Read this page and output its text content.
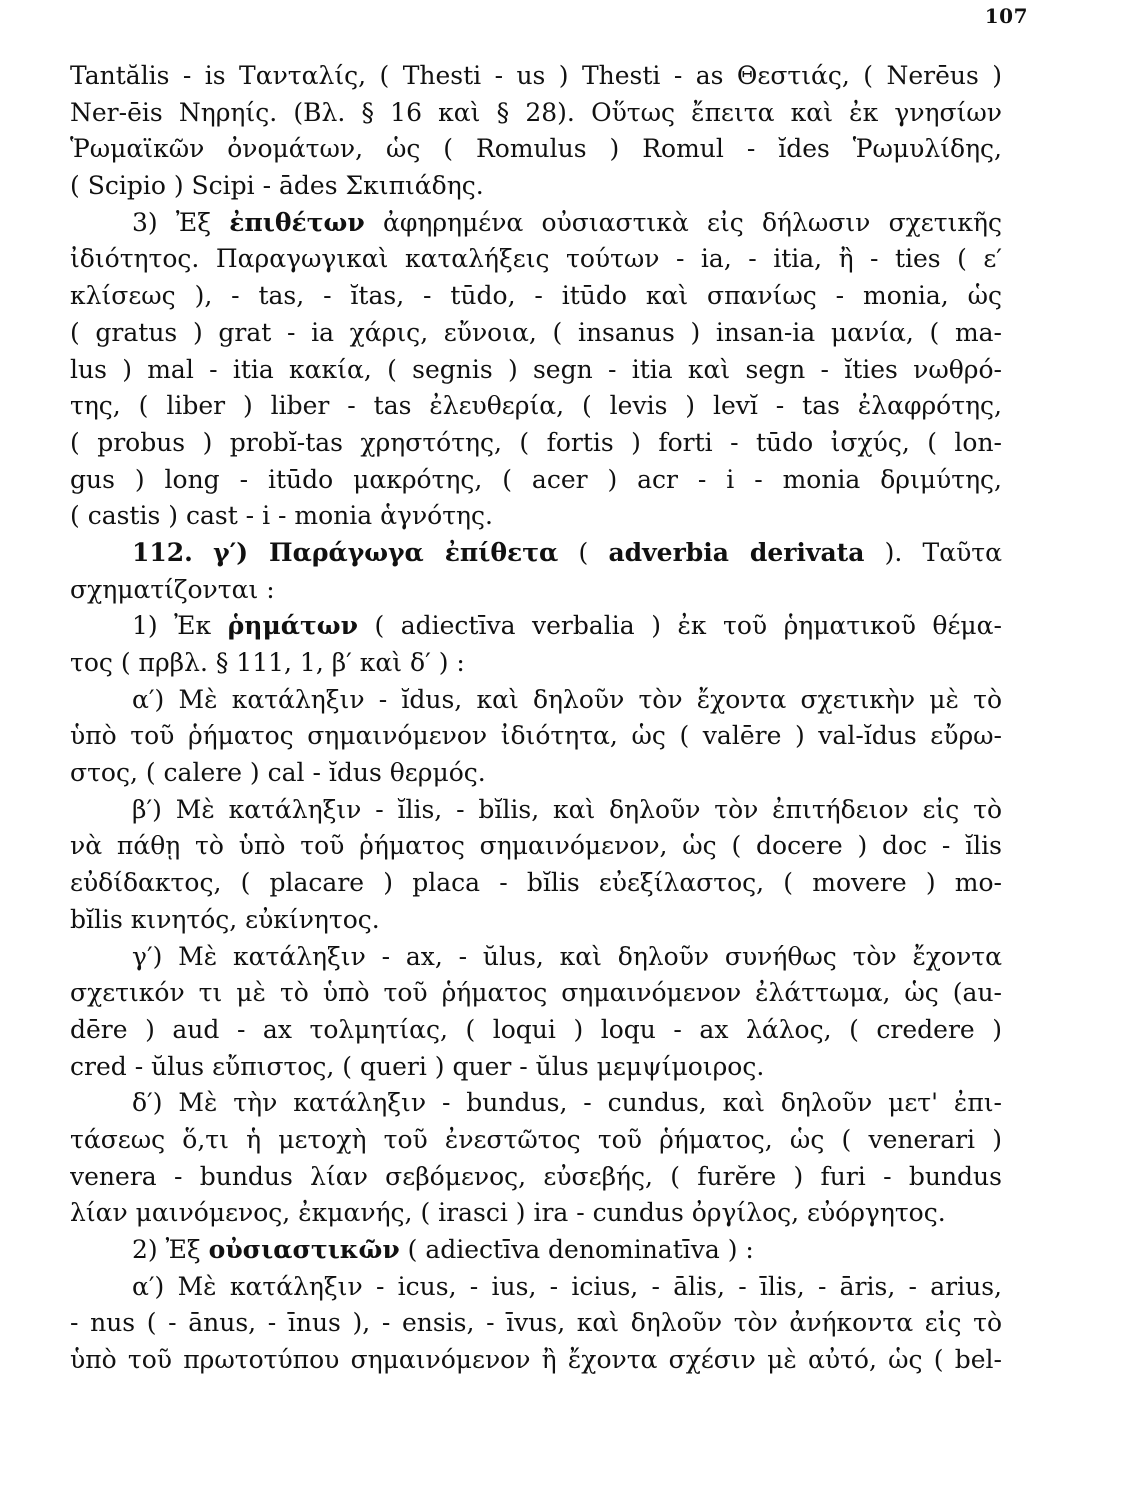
107
Tantălis - is Τανταλίς, ( Thesti - us ) Thesti - as Θεστιάς, ( Nerēus )
Ner-ēis Νηρηίς. (Βλ. § 16 καὶ § 28). Οὕτως ἔπειτα καὶ ἐκ γνησίων
Ῥωμαϊκῶν ὀνομάτων, ὡς ( Romulus ) Romul - ĭdes Ῥωμυλίδης,
( Scipio ) Scipi - ādes Σκιπιάδης.
3) Ἐξ ἐπιθέτων ἀφηρημένα οὐσιαστικὰ εἰς δήλωσιν σχετικῆς
ἰδιότητος. Παραγωγικαὶ καταλήξεις τούτων - ia, - itia, ἢ - ties ( ε′
κλίσεως ), - tas, - ĭtas, - tūdo, - itūdo καὶ σπανίως - monia, ὡς
( gratus ) grat - ia χάρις, εὔνοια, ( insanus ) insan-ia μανία, ( ma-
lus ) mal - itia κακία, ( segnis ) segn - itia καὶ segn - ĭties νωθρό-
της, ( liber ) liber - tas ἐλευθερία, ( levis ) levĭ - tas ἐλαφρότης,
( probus ) probĭ-tas χρηστότης, ( fortis ) forti - tūdo ἰσχύς, ( lon-
gus ) long - itūdo μακρότης, ( acer ) acr - i - monia δριμύτης,
( castis ) cast - i - monia ἁγνότης.
112. γ′) Παράγωγα ἐπίθετα ( adverbia derivata ). Ταῦτα
σχηματίζονται :
1) Ἐκ ῥημάτων ( adiectīva verbalia ) ἐκ τοῦ ῥηματικοῦ θέμα-
τος ( πρβλ. § 111, 1, β′ καὶ δ′ ) :
α′) Μὲ κατάληξιν - ĭdus, καὶ δηλοῦν τὸν ἔχοντα σχετικὴν μὲ τὸ
ὑπὸ τοῦ ῥήματος σημαινόμενον ἰδιότητα, ὡς ( valēre ) val-ĭdus εὔρω-
στος, ( calere ) cal - ĭdus θερμός.
β′) Μὲ κατάληξιν - ĭlis, - bĭlis, καὶ δηλοῦν τὸν ἐπιτήδειον εἰς τὸ
νὰ πάθῃ τὸ ὑπὸ τοῦ ῥήματος σημαινόμενον, ὡς ( docere ) doc - ĭlis
εὐδίδακτος, ( placare ) placa - bĭlis εὐεξίλαστος, ( movere ) mo-
bĭlis κινητός, εὐκίνητος.
γ′) Μὲ κατάληξιν - ax, - ŭlus, καὶ δηλοῦν συνήθως τὸν ἔχοντα
σχετικόν τι μὲ τὸ ὑπὸ τοῦ ῥήματος σημαινόμενον ἐλάττωμα, ὡς (au-
dēre ) aud - ax τολμητίας, ( loqui ) loqu - ax λάλος, ( credere )
cred - ŭlus εὔπιστος, ( queri ) quer - ŭlus μεμψίμοιρος.
δ′) Μὲ τὴν κατάληξιν - bundus, - cundus, καὶ δηλοῦν μετ' ἐπι-
τάσεως ὅ,τι ἡ μετοχὴ τοῦ ἐνεστῶτος τοῦ ῥήματος, ὡς ( venerari )
venera - bundus λίαν σεβόμενος, εὐσεβής, ( furĕre ) furi - bundus
λίαν μαινόμενος, ἐκμανής, ( irasci ) ira - cundus ὀργίλος, εὐόργητος.
2) Ἐξ οὐσιαστικῶν ( adiectīva denominatīva ) :
α′) Μὲ κατάληξιν - icus, - ius, - icius, - ālis, - īlis, - āris, - arius,
- nus ( - ānus, - īnus ), - ensis, - īvus, καὶ δηλοῦν τὸν ἀνήκοντα εἰς τὸ
ὑπὸ τοῦ πρωτοτύπου σημαινόμενον ἢ ἔχοντα σχέσιν μὲ αὐτό, ὡς ( bel-
